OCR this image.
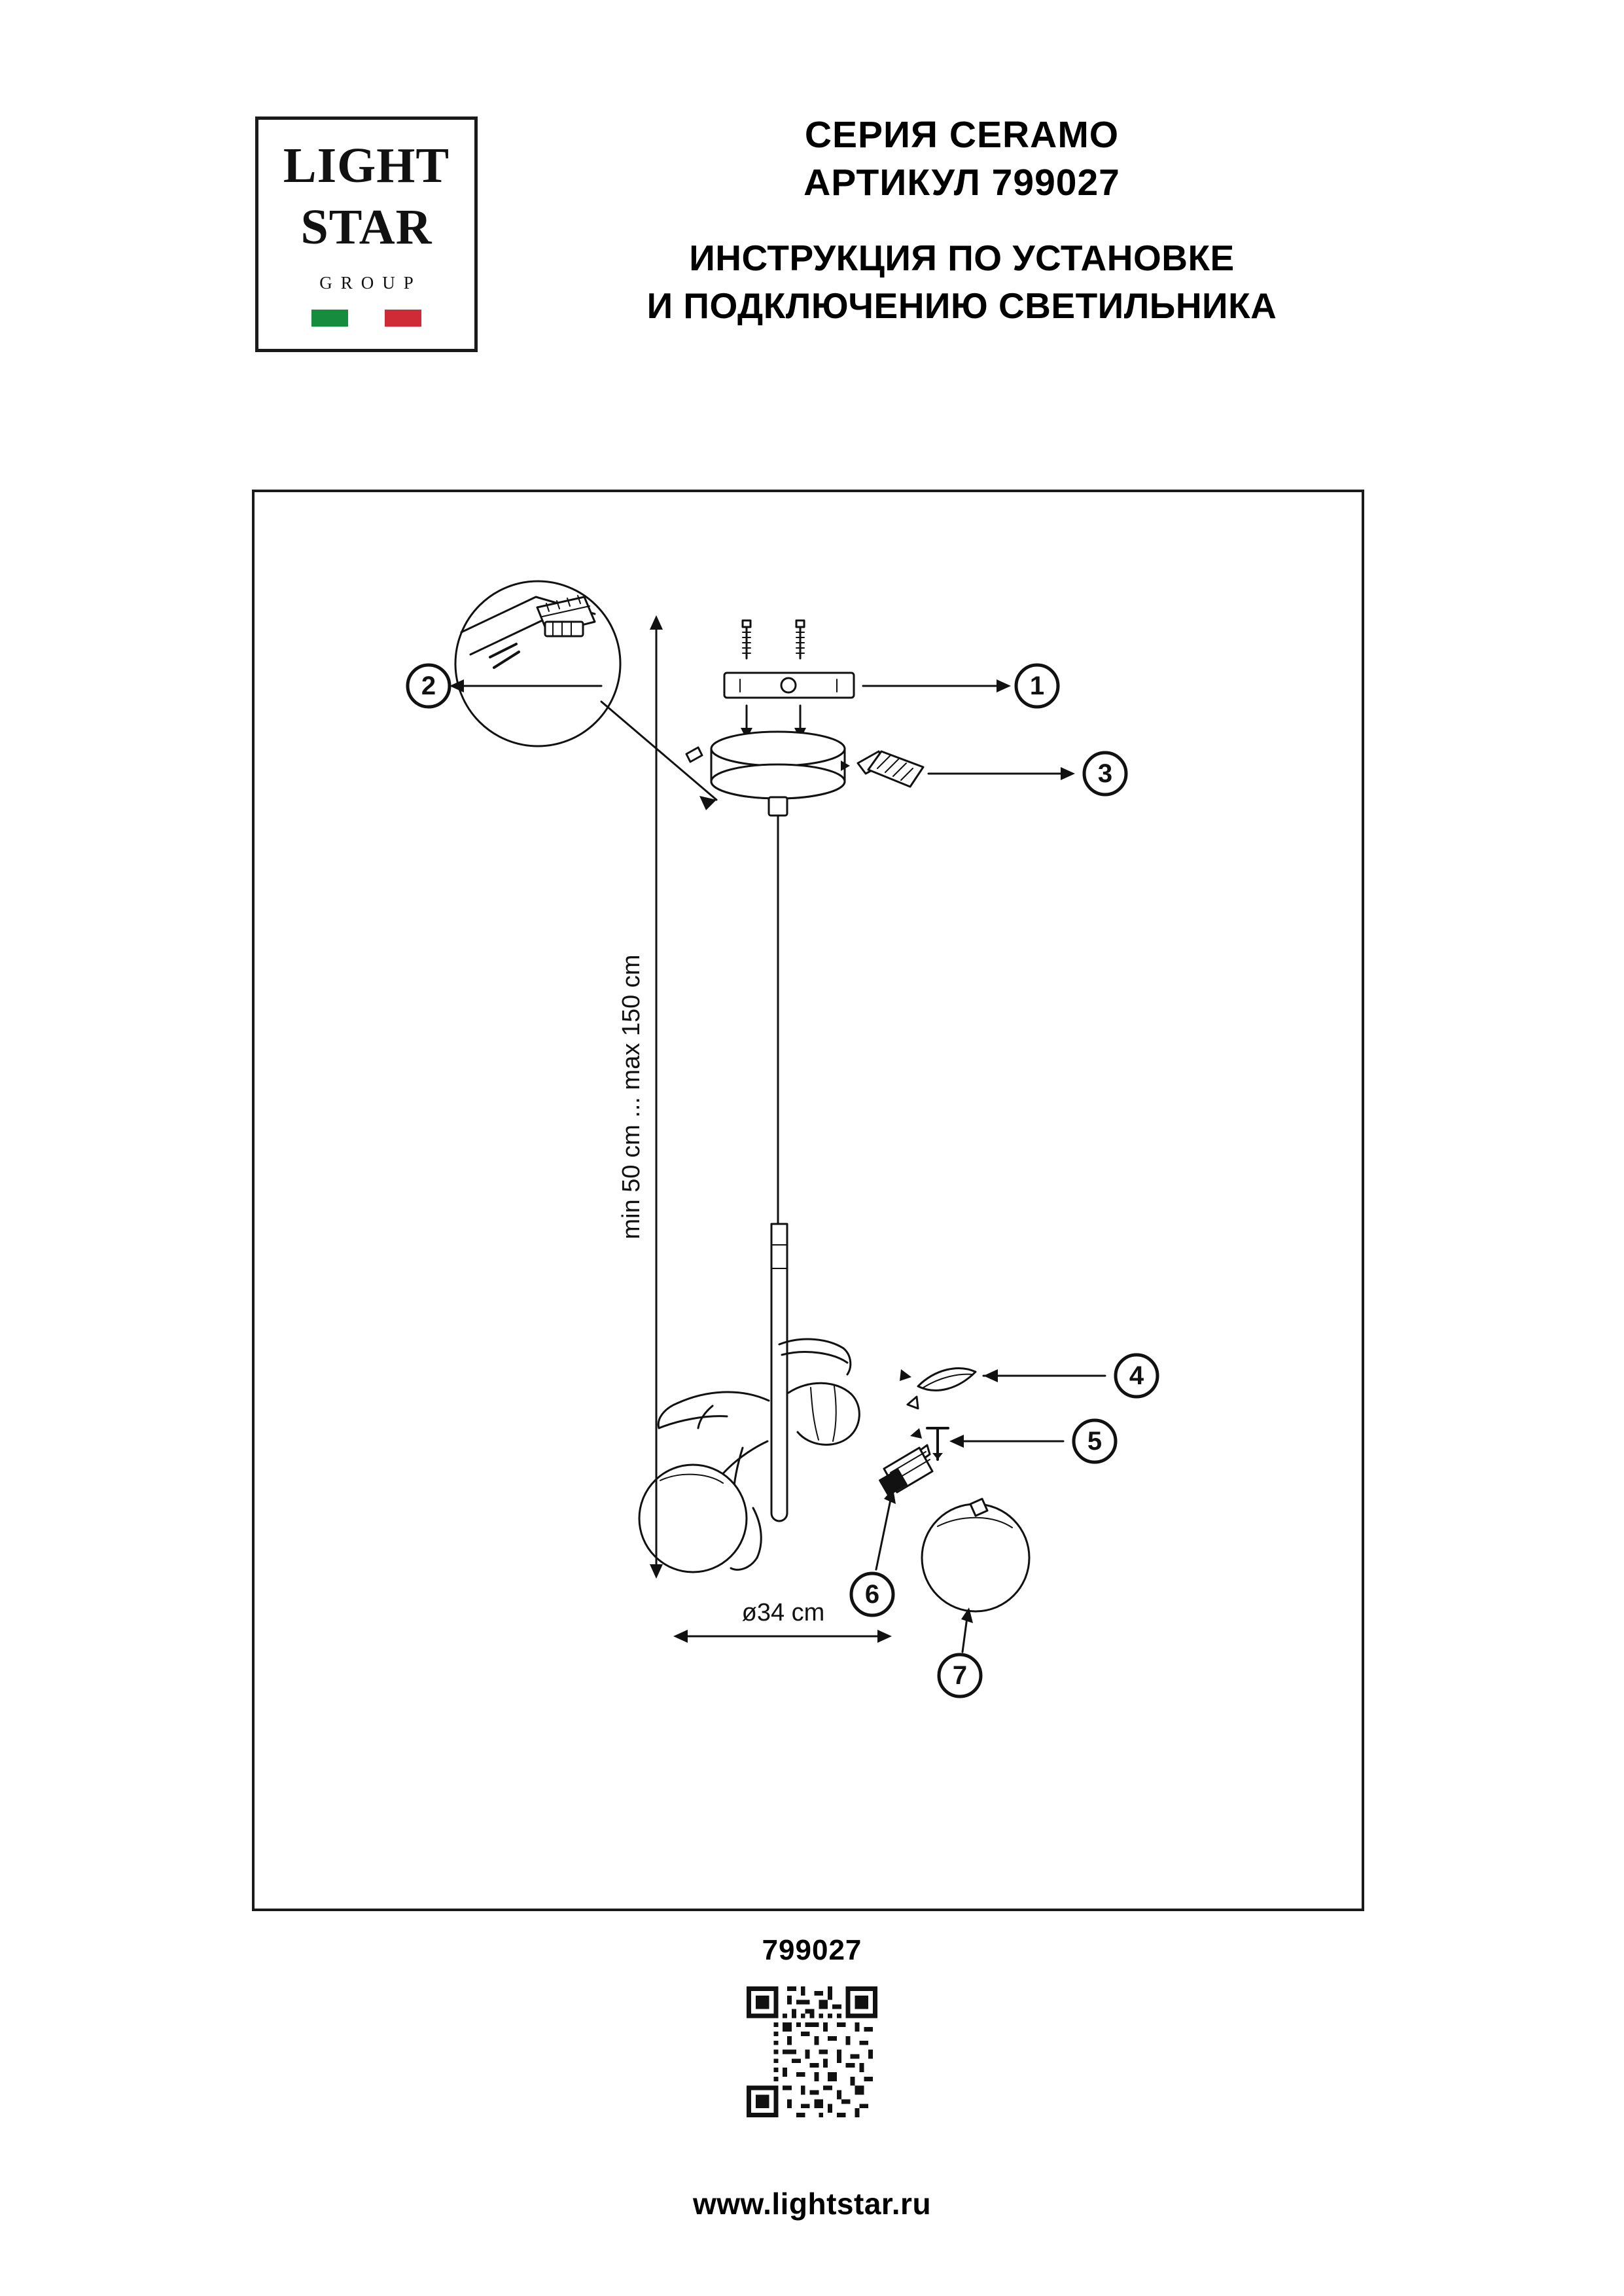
LIGHT
STAR
GROUP
СЕРИЯ CERAMO
АРТИКУЛ 799027
ИНСТРУКЦИЯ ПО УСТАНОВКЕ
И ПОДКЛЮЧЕНИЮ СВЕТИЛЬНИКА
2	1
3
4
5
6
7
min 50 cm ... max 150 cm
ø34 cm
799027
www.lightstar.ru
